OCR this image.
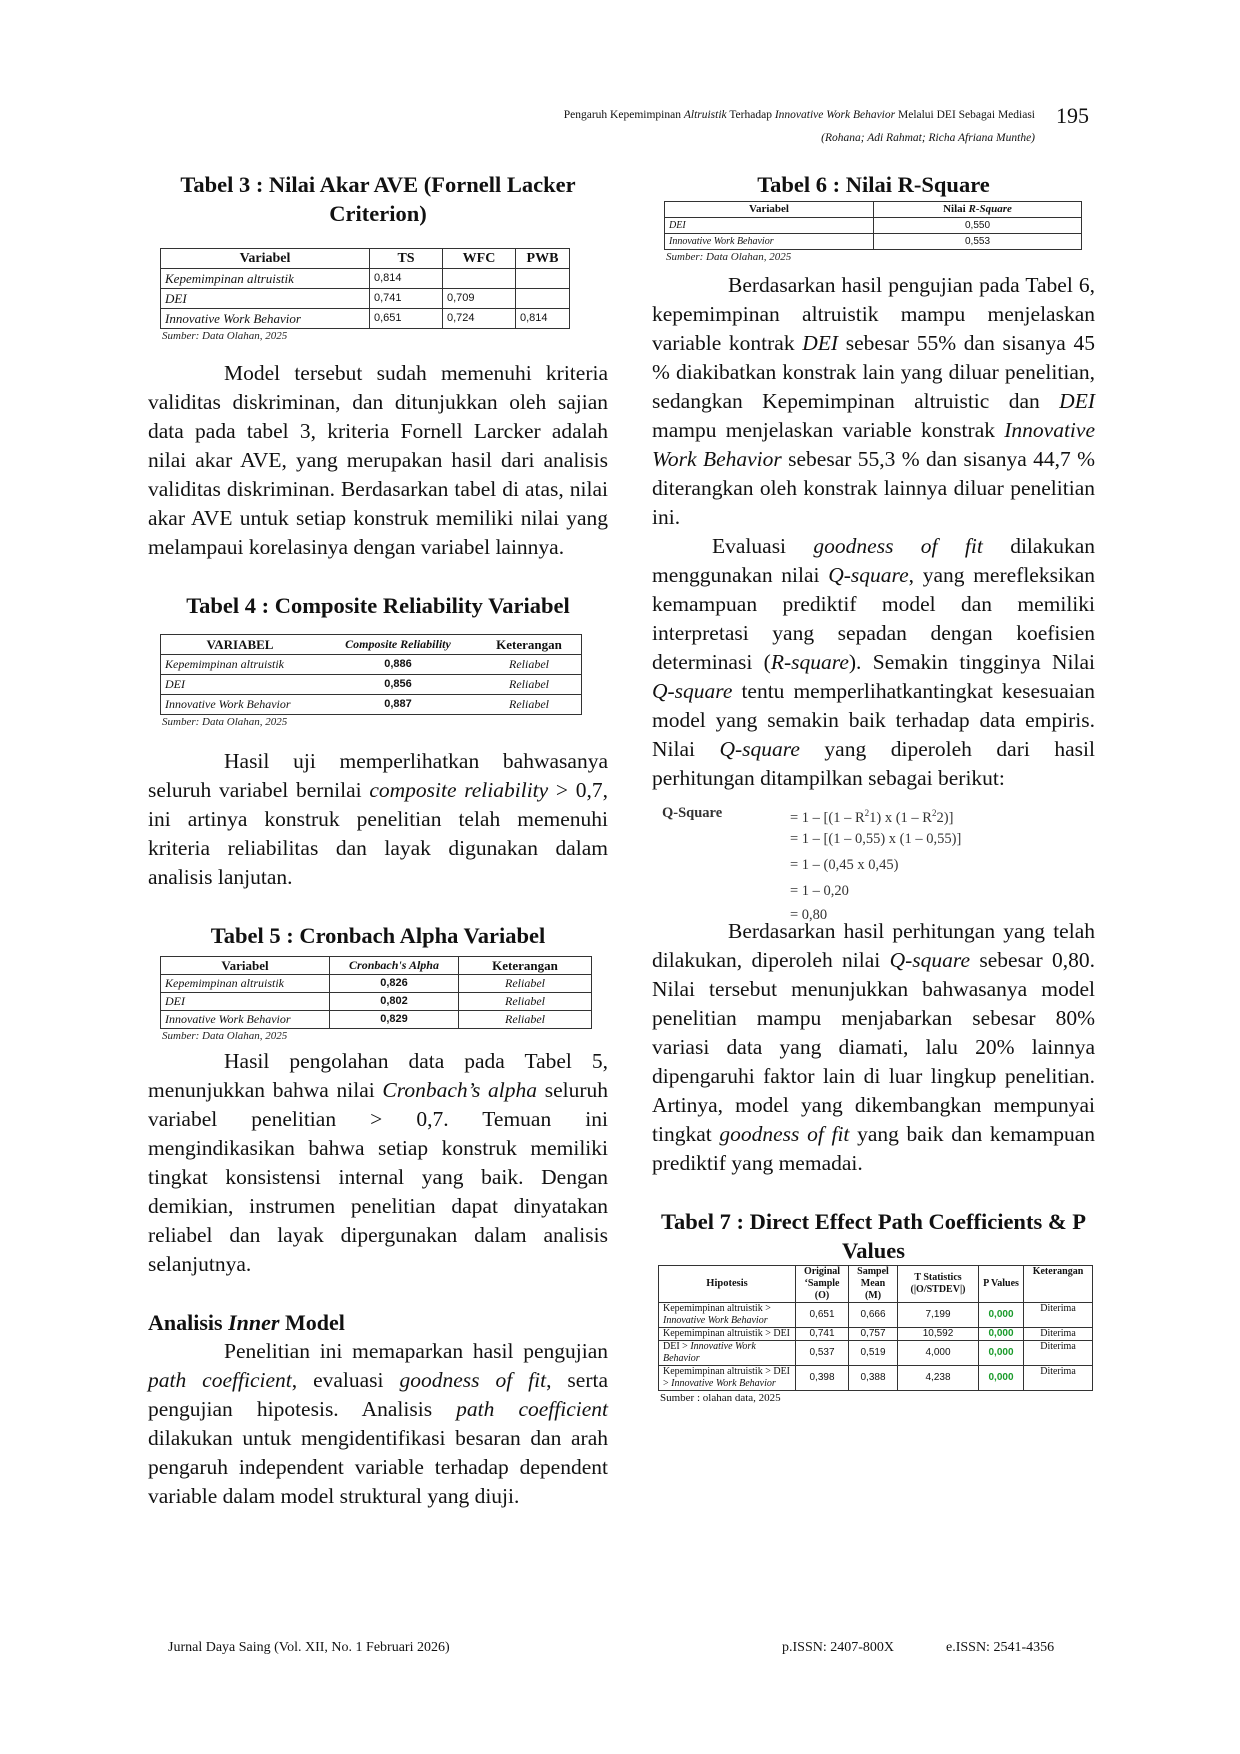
Pengaruh Kepemimpinan Altruistik Terhadap Innovative Work Behavior Melalui DEI Sebagai Mediasi
(Rohana; Adi Rahmat; Richa Afriana Munthe)
195
Tabel 3 : Nilai Akar AVE (Fornell Lacker Criterion)
Variabel	TS	WFC	PWB
Kepemimpinan altruistik	0,814		
DEI	0,741	0,709	
Innovative Work Behavior	0,651	0,724	0,814
Sumber: Data Olahan, 2025

Model tersebut sudah memenuhi kriteria validitas diskriminan, dan ditunjukkan oleh sajian data pada tabel 3, kriteria Fornell Larcker adalah nilai akar AVE, yang merupakan hasil dari analisis validitas diskriminan. Berdasarkan tabel di atas, nilai akar AVE untuk setiap konstruk memiliki nilai yang melampaui korelasinya dengan variabel lainnya.

Tabel 4 : Composite Reliability Variabel
VARIABEL	Composite Reliability	Keterangan
Kepemimpinan altruistik	0,886	Reliabel
DEI	0,856	Reliabel
Innovative Work Behavior	0,887	Reliabel
Sumber: Data Olahan, 2025

Hasil uji memperlihatkan bahwasanya seluruh variabel bernilai composite reliability > 0,7, ini artinya konstruk penelitian telah memenuhi kriteria reliabilitas dan layak digunakan dalam analisis lanjutan.

Tabel 5 : Cronbach Alpha Variabel
Variabel	Cronbach's Alpha	Keterangan
Kepemimpinan altruistik	0,826	Reliabel
DEI	0,802	Reliabel
Innovative Work Behavior	0,829	Reliabel
Sumber: Data Olahan, 2025

Hasil pengolahan data pada Tabel 5, menunjukkan bahwa nilai Cronbach’s alpha seluruh variabel penelitian > 0,7. Temuan ini mengindikasikan bahwa setiap konstruk memiliki tingkat konsistensi internal yang baik. Dengan demikian, instrumen penelitian dapat dinyatakan reliabel dan layak dipergunakan dalam analisis selanjutnya.

Analisis Inner Model

Penelitian ini memaparkan hasil pengujian path coefficient, evaluasi goodness of fit, serta pengujian hipotesis. Analisis path coefficient dilakukan untuk mengidentifikasi besaran dan arah pengaruh independent variable terhadap dependent variable dalam model struktural yang diuji.

Tabel 6 : Nilai R-Square
Variabel	Nilai R-Square
DEI	0,550
Innovative Work Behavior	0,553
Sumber: Data Olahan, 2025

Berdasarkan hasil pengujian pada Tabel 6, kepemimpinan altruistik mampu menjelaskan variable kontrak DEI sebesar 55% dan sisanya 45 % diakibatkan konstrak lain yang diluar penelitian, sedangkan Kepemimpinan altruistic dan DEI mampu menjelaskan variable konstrak Innovative Work Behavior sebesar 55,3 % dan sisanya 44,7 % diterangkan oleh konstrak lainnya diluar penelitian ini.

Evaluasi goodness of fit dilakukan menggunakan nilai Q-square, yang merefleksikan kemampuan prediktif model dan memiliki interpretasi yang sepadan dengan koefisien determinasi (R-square). Semakin tingginya Nilai Q-square tentu memperlihatkantingkat kesesuaian model yang semakin baik terhadap data empiris. Nilai Q-square yang diperoleh dari hasil perhitungan ditampilkan sebagai berikut:

Q-Square	= $1 - [(1 - R^21)$ x $(1 - R^22)$]
= 1 – [(1 – 0,55) x (1 – 0,55)]
= 1 – (0,45 x 0,45)
= 1 – 0,20
= 0,80

Berdasarkan hasil perhitungan yang telah dilakukan, diperoleh nilai Q-square sebesar 0,80. Nilai tersebut menunjukkan bahwasanya model penelitian mampu menjabarkan sebesar 80% variasi data yang diamati, lalu 20% lainnya dipengaruhi faktor lain di luar lingkup penelitian. Artinya, model yang dikembangkan mempunyai tingkat goodness of fit yang baik dan kemampuan prediktif yang memadai.

Tabel 7 : Direct Effect Path Coefficients & P Values
Hipotesis	Original ‘Sample (O)	Sampel Mean (M)	T Statistics (|O/STDEV|)	P Values	Keterangan
Kepemimpinan altruistik > Innovative Work Behavior	0,651	0,666	7,199	0,000	Diterima
Kepemimpinan altruistik > DEI	0,741	0,757	10,592	0,000	Diterima
DEI > Innovative Work Behavior	0,537	0,519	4,000	0,000	Diterima
Kepemimpinan altruistik > DEI > Innovative Work Behavior	0,398	0,388	4,238	0,000	Diterima
Sumber : olahan data, 2025
Jurnal Daya Saing (Vol. XII, No. 1 Februari 2026)	p.ISSN: 2407-800X	e.ISSN: 2541-4356
